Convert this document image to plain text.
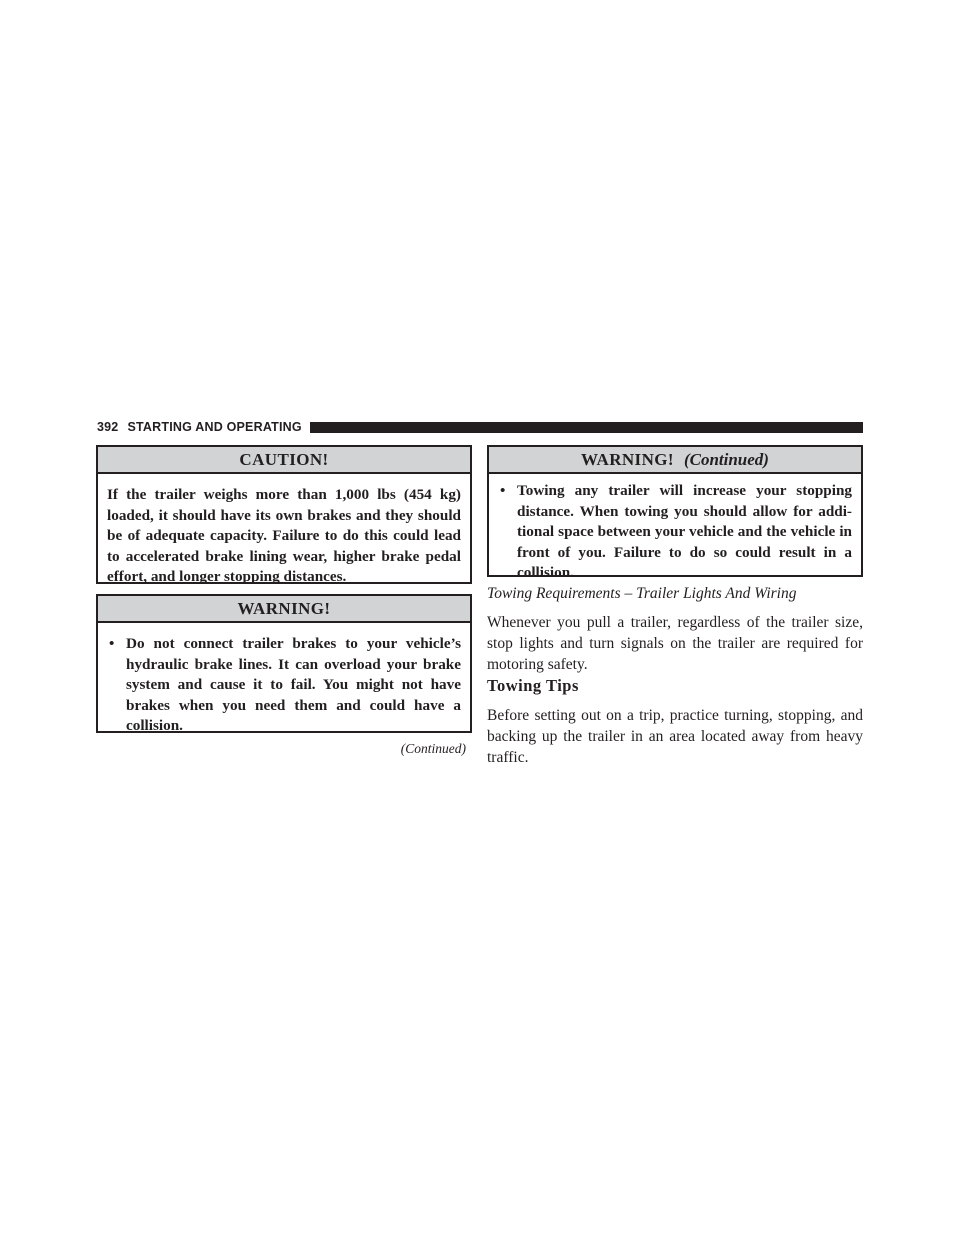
392 STARTING AND OPERATING
CAUTION!
If the trailer weighs more than 1,000 lbs (454 kg) loaded, it should have its own brakes and they should be of adequate capacity. Failure to do this could lead to accelerated brake lining wear, higher brake pedal effort, and longer stopping distances.
WARNING!
• Do not connect trailer brakes to your vehicle’s hydraulic brake lines. It can overload your brake system and cause it to fail. You might not have brakes when you need them and could have a collision.
(Continued)
WARNING! (Continued)
• Towing any trailer will increase your stopping distance. When towing you should allow for addi-tional space between your vehicle and the vehicle in front of you. Failure to do so could result in a collision.
Towing Requirements – Trailer Lights And Wiring
Whenever you pull a trailer, regardless of the trailer size, stop lights and turn signals on the trailer are required for motoring safety.
Towing Tips
Before setting out on a trip, practice turning, stopping, and backing up the trailer in an area located away from heavy traffic.
